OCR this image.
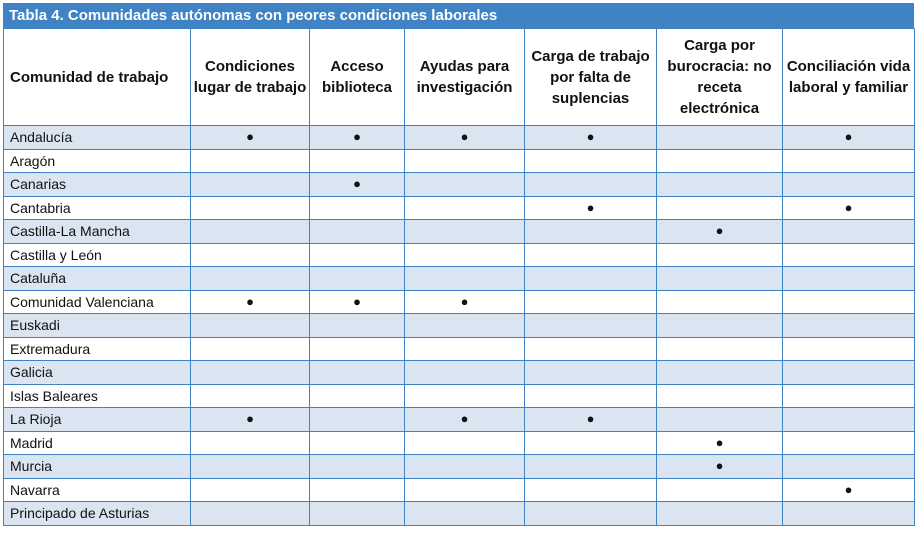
Tabla 4. Comunidades autónomas con peores condiciones laborales
Comunidad de trabajo	Condiciones lugar de trabajo	Acceso biblioteca	Ayudas para investigación	Carga de trabajo por falta de suplencias	Carga por burocracia: no receta electrónica	Conciliación vida laboral y familiar
Andalucía	●	●	●	●		●
Aragón						
Canarias		●				
Cantabria				●		●
Castilla-La Mancha					●	
Castilla y León						
Cataluña						
Comunidad Valenciana	●	●	●			
Euskadi						
Extremadura						
Galicia						
Islas Baleares						
La Rioja	●		●	●		
Madrid					●	
Murcia					●	
Navarra						●
Principado de Asturias						
